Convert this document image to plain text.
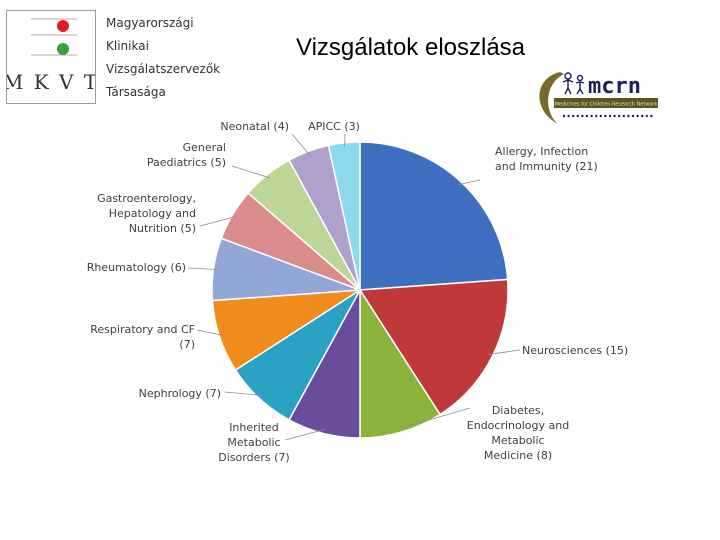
M K V T
Magyarországi
Klinikai
Vizsgálatszervezők
Társasága
Vizsgálatok eloszlása
Medicines for Children Research Network
mcrn
Allergy, Infection and Immunity (21)
Neurosciences (15)
Diabetes, Endocrinology and Metabolic Medicine (8)
Inherited Metabolic Disorders (7)
Nephrology (7)
Respiratory and CF (7)
Rheumatology (6)
Gastroenterology, Hepatology and Nutrition (5)
General Paediatrics (5)
Neonatal (4) APICC (3)
